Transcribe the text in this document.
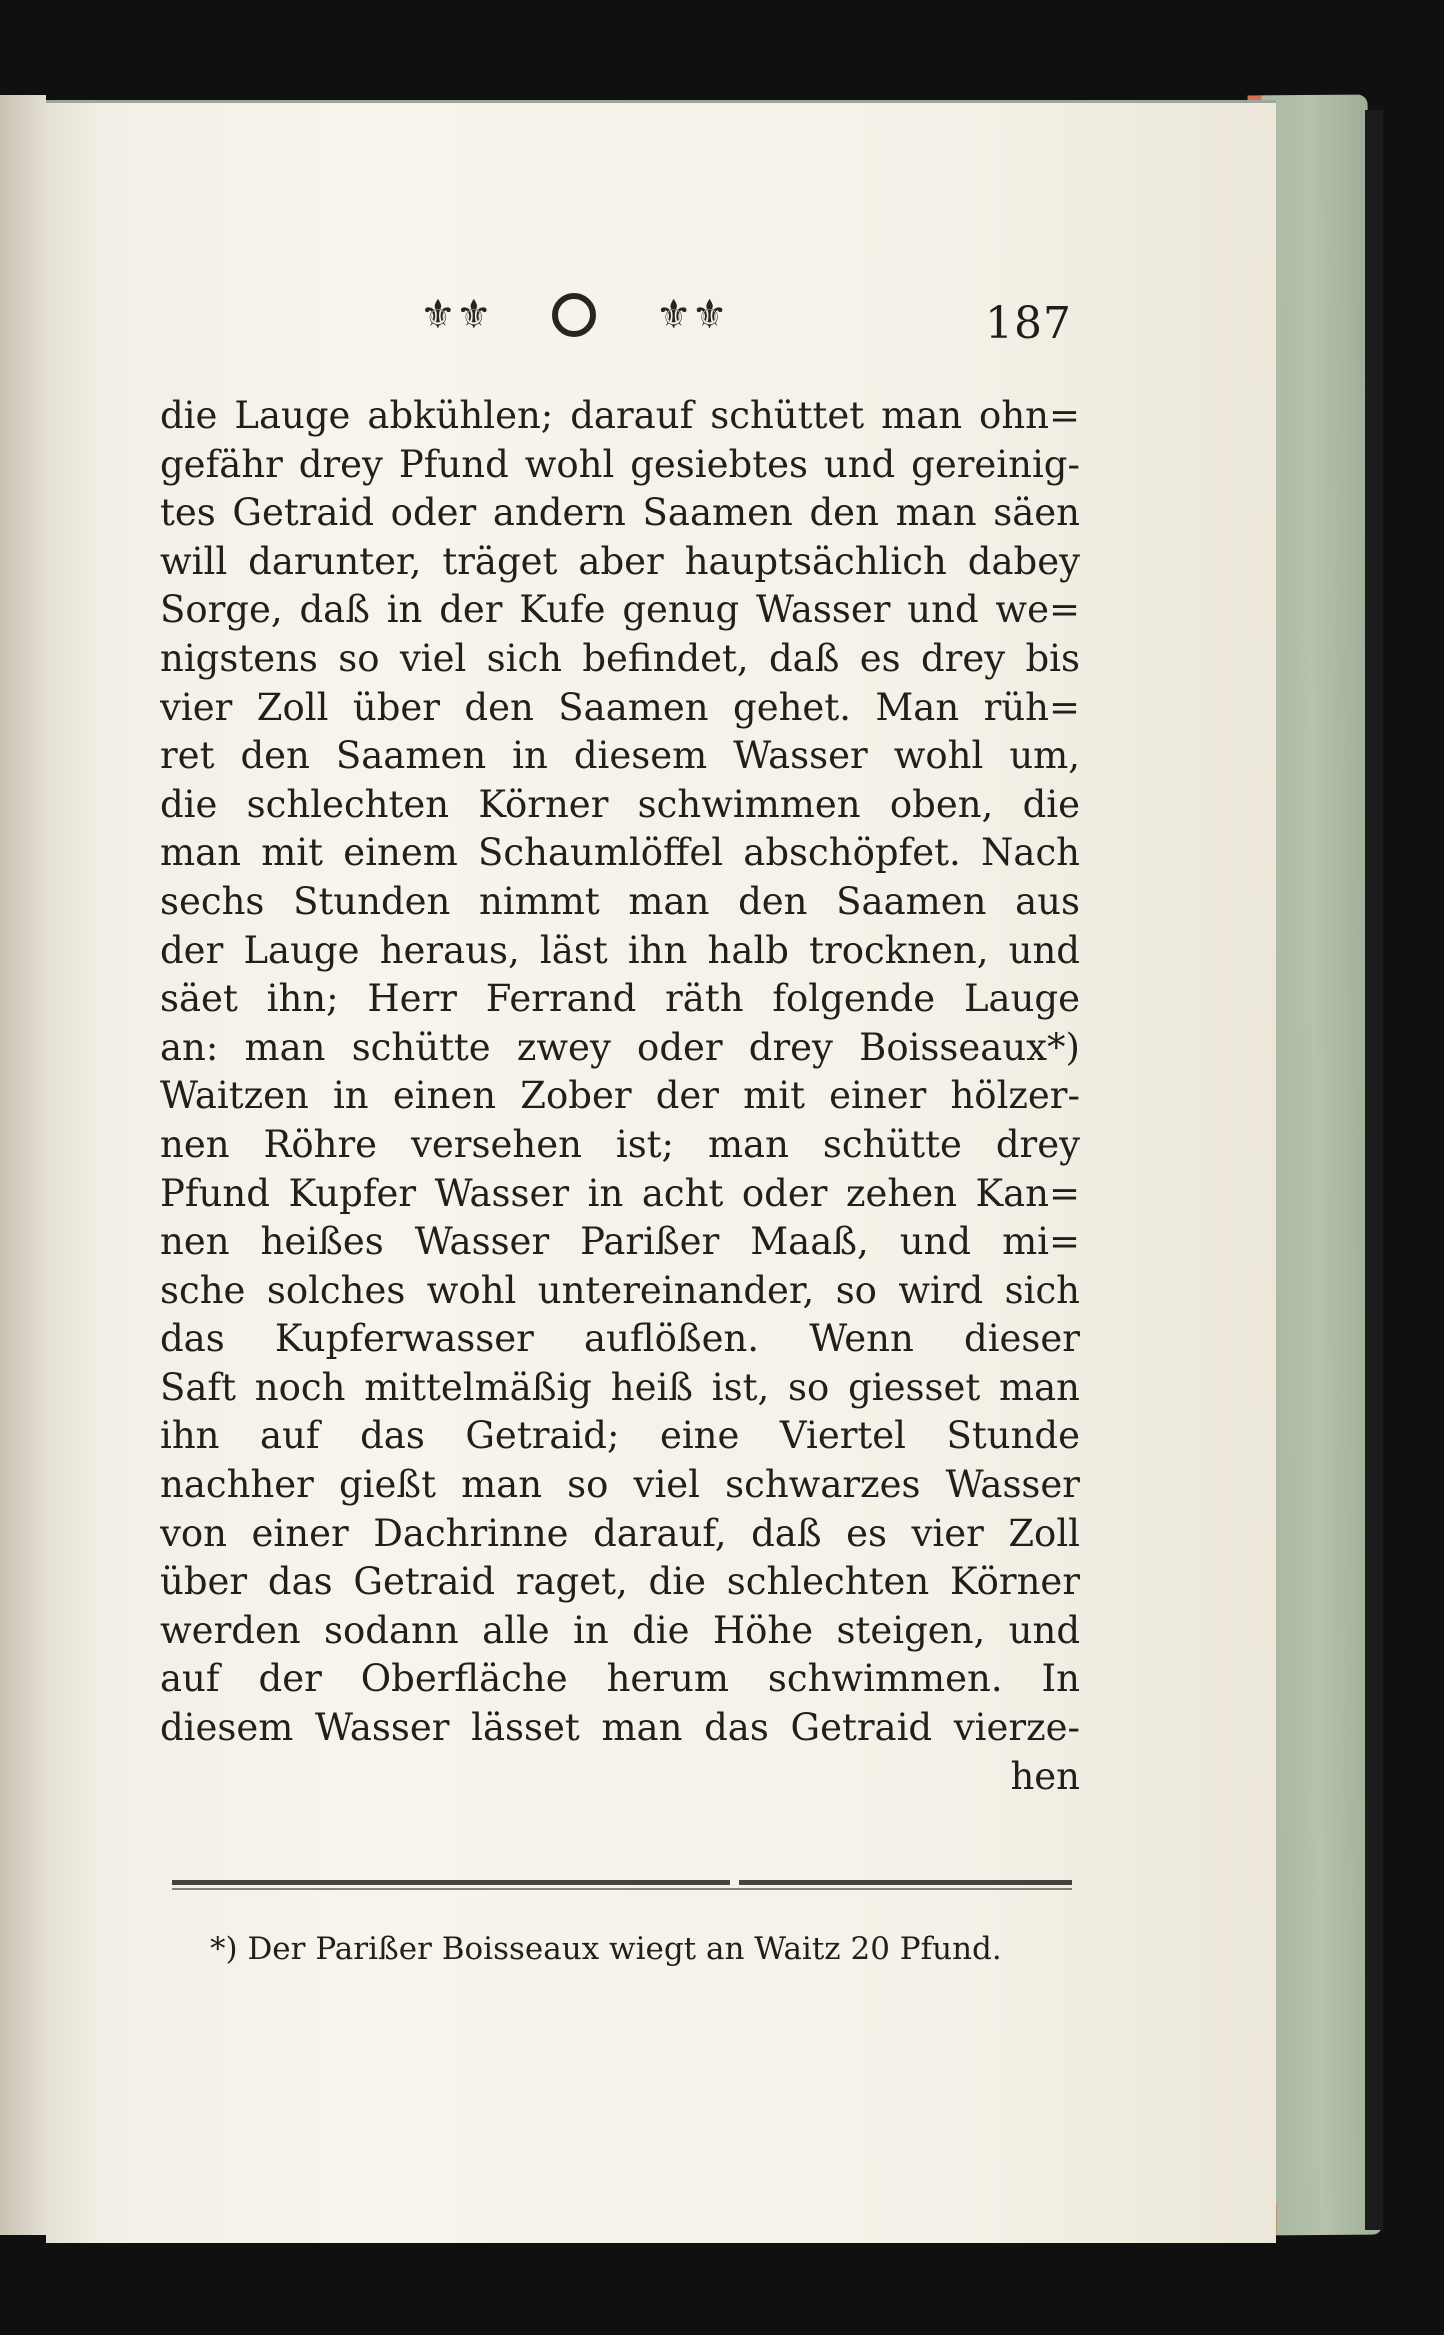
⚜⚜	⚜⚜	187
die Lauge abkühlen; darauf schüttet man ohn=
gefähr drey Pfund wohl gesiebtes und gereinig-
tes Getraid oder andern Saamen den man säen
will darunter, träget aber hauptsächlich dabey
Sorge, daß in der Kufe genug Wasser und we=
nigstens so viel sich befindet, daß es drey bis
vier Zoll über den Saamen gehet. Man rüh=
ret den Saamen in diesem Wasser wohl um,
die schlechten Körner schwimmen oben, die
man mit einem Schaumlöffel abschöpfet. Nach
sechs Stunden nimmt man den Saamen aus
der Lauge heraus, läst ihn halb trocknen, und
säet ihn; Herr Ferrand räth folgende Lauge
an: man schütte zwey oder drey Boisseaux*)
Waitzen in einen Zober der mit einer hölzer-
nen Röhre versehen ist; man schütte drey
Pfund Kupfer Wasser in acht oder zehen Kan=
nen heißes Wasser Parißer Maaß, und mi=
sche solches wohl untereinander, so wird sich
das Kupferwasser auflößen. Wenn dieser
Saft noch mittelmäßig heiß ist, so giesset man
ihn auf das Getraid; eine Viertel Stunde
nachher gießt man so viel schwarzes Wasser
von einer Dachrinne darauf, daß es vier Zoll
über das Getraid raget, die schlechten Körner
werden sodann alle in die Höhe steigen, und
auf der Oberfläche herum schwimmen. In
diesem Wasser lässet man das Getraid vierze-
hen
*) Der Parißer Boisseaux wiegt an Waitz 20 Pfund.
